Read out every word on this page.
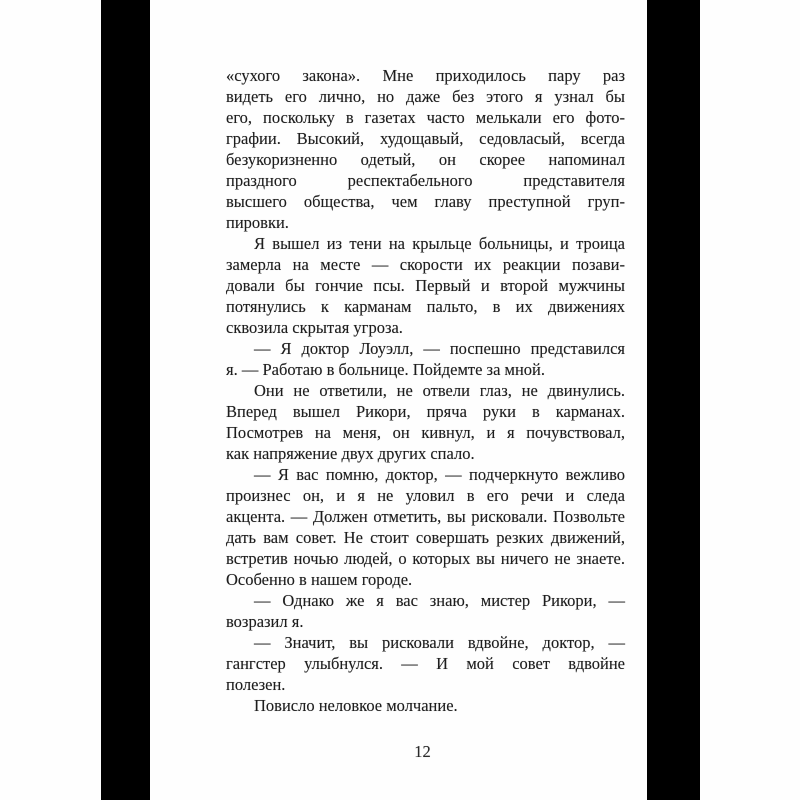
«сухого закона». Мне приходилось пару раз
видеть его лично, но даже без этого я узнал бы
его, поскольку в газетах часто мелькали его фото-
графии. Высокий, худощавый, седовласый, всегда
безукоризненно одетый, он скорее напоминал
праздного респектабельного представителя
высшего общества, чем главу преступной груп-
пировки.
Я вышел из тени на крыльце больницы, и троица
замерла на месте — скорости их реакции позави-
довали бы гончие псы. Первый и второй мужчины
потянулись к карманам пальто, в их движениях
сквозила скрытая угроза.
— Я доктор Лоуэлл, — поспешно представился
я. — Работаю в больнице. Пойдемте за мной.
Они не ответили, не отвели глаз, не двинулись.
Вперед вышел Рикори, пряча руки в карманах.
Посмотрев на меня, он кивнул, и я почувствовал,
как напряжение двух других спало.
— Я вас помню, доктор, — подчеркнуто вежливо
произнес он, и я не уловил в его речи и следа
акцента. — Должен отметить, вы рисковали. Позвольте
дать вам совет. Не стоит совершать резких движений,
встретив ночью людей, о которых вы ничего не знаете.
Особенно в нашем городе.
— Однако же я вас знаю, мистер Рикори, —
возразил я.
— Значит, вы рисковали вдвойне, доктор, —
гангстер улыбнулся. — И мой совет вдвойне
полезен.
Повисло неловкое молчание.
12
